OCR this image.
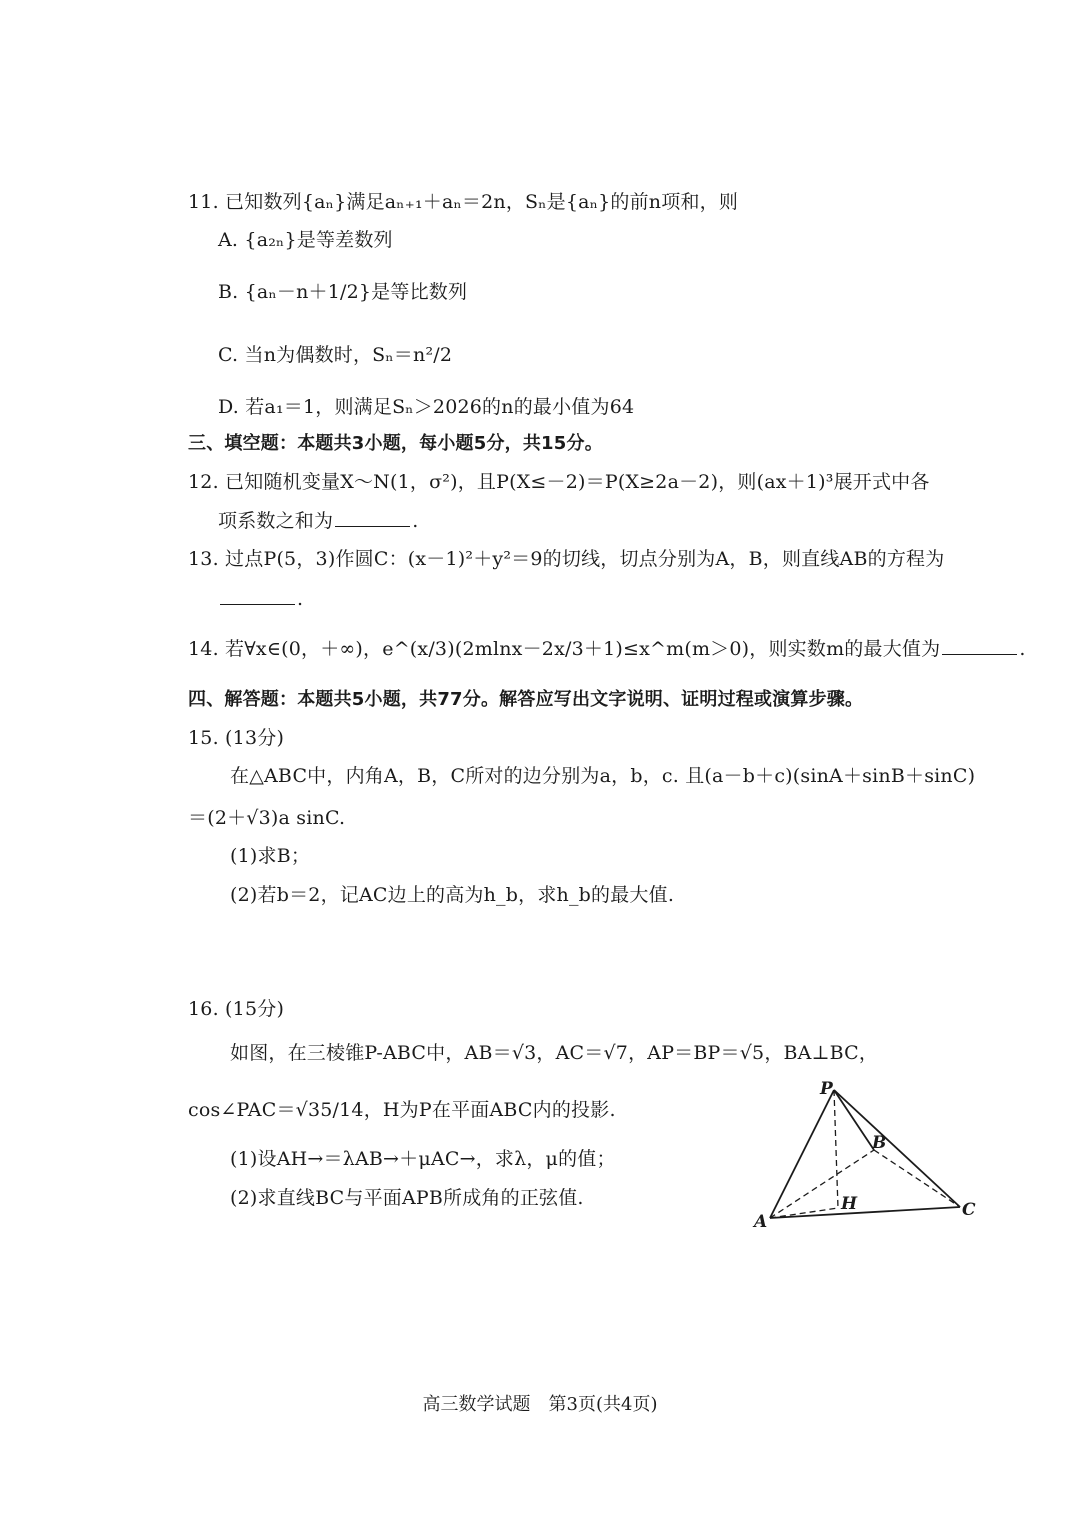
11. 已知数列{aₙ}满足aₙ₊₁＋aₙ＝2n，Sₙ是{aₙ}的前n项和，则
A. {a₂ₙ}是等差数列
B. {aₙ－n＋1/2}是等比数列
C. 当n为偶数时，Sₙ＝n²/2
D. 若a₁＝1，则满足Sₙ＞2026的n的最小值为64
三、填空题：本题共3小题，每小题5分，共15分。
12. 已知随机变量X～N(1，σ²)，且P(X≤－2)＝P(X≥2a－2)，则(ax＋1)³展开式中各
项系数之和为	.
13. 过点P(5，3)作圆C：(x－1)²＋y²＝9的切线，切点分别为A，B，则直线AB的方程为
.
14. 若∀x∈(0，＋∞)，e^(x/3)(2mlnx－2x/3＋1)≤x^m(m＞0)，则实数m的最大值为	.
四、解答题：本题共5小题，共77分。解答应写出文字说明、证明过程或演算步骤。
15. (13分)
在△ABC中，内角A，B，C所对的边分别为a，b，c. 且(a－b＋c)(sinA＋sinB＋sinC)
＝(2＋√3)a sinC.
(1)求B；
(2)若b＝2，记AC边上的高为h_b，求h_b的最大值.
16. (15分)
如图，在三棱锥P-ABC中，AB＝√3，AC＝√7，AP＝BP＝√5，BA⊥BC，
cos∠PAC＝√35/14，H为P在平面ABC内的投影.
(1)设AH→＝λAB→＋μAC→，求λ，μ的值；
(2)求直线BC与平面APB所成角的正弦值.
P
A
B
C
H
高三数学试题　第3页(共4页)
